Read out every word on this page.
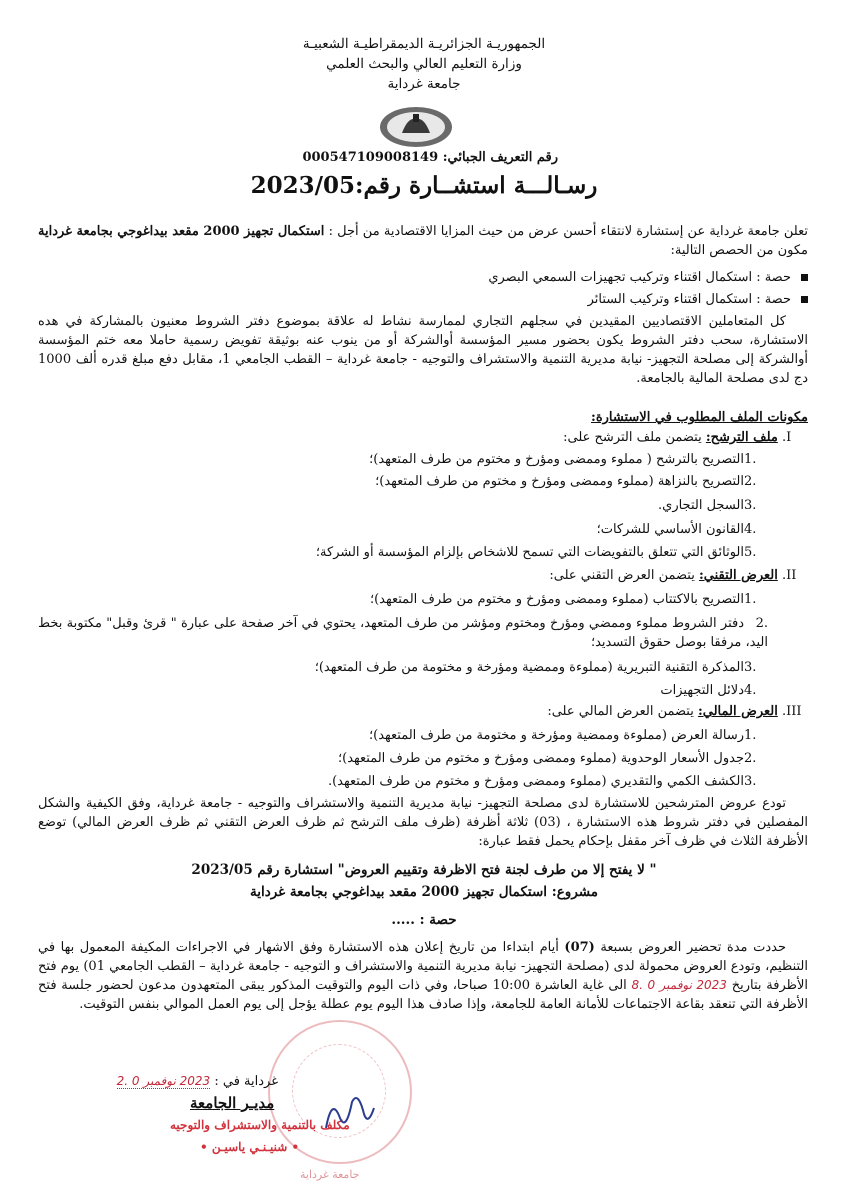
الجمهوريـة الجزائريـة الديمقراطيـة الشعبيـة
وزارة التعليم العالي والبحث العلمي
جامعة غرداية
رقم التعريف الجبائي: 000547109008149
رسـالـــة استشــارة رقم:2023/05
تعلن جامعة غرداية عن إستشارة لانتقاء أحسن عرض من حيث المزايا الاقتصادية من أجل : استكمال تجهيز 2000 مقعد بيداغوجي بجامعة غرداية مكون من الحصص التالية:
حصة : استكمال اقتناء وتركيب تجهيزات السمعي البصري
حصة : استكمال اقتناء وتركيب الستائر
كل المتعاملين الاقتصاديين المقيدين في سجلهم التجاري لممارسة نشاط له علاقة بموضوع دفتر الشروط معنيون بالمشاركة في هده الاستشارة، سحب دفتر الشروط يكون بحضور مسير المؤسسة أوالشركة أو من ينوب عنه بوثيقة تفويض رسمية حاملا معه ختم المؤسسة أوالشركة إلى مصلحة التجهيز- نيابة مديرية التنمية والاستشراف والتوجيه - جامعة غرداية – القطب الجامعي 1، مقابل دفع مبلغ قدره ألف 1000 دج لدى مصلحة المالية بالجامعة.
مكونات الملف المطلوب في الاستشارة:
I. ملف الترشح: يتضمن ملف الترشح على:
.1التصريح بالترشح ( مملوء وممضى ومؤرخ و مختوم من طرف المتعهد)؛
.2التصريح بالنزاهة (مملوء وممضى ومؤرخ و مختوم من طرف المتعهد)؛
.3السجل التجاري.
.4القانون الأساسي للشركات؛
.5الوثائق التي تتعلق بالتفويضات التي تسمح للاشخاص بإلزام المؤسسة أو الشركة؛
II. العرض التقني: يتضمن العرض التقني على:
.1التصريح بالاكتتاب (مملوء وممضى ومؤرخ و مختوم من طرف المتعهد)؛
.2دفتر الشروط مملوء وممضي ومؤرخ ومختوم ومؤشر من طرف المتعهد، يحتوي في آخر صفحة على عبارة " قرئ وقبل" مكتوبة بخط اليد، مرفقا بوصل حقوق التسديد؛
.3المذكرة التقنية التبريرية (مملوءة وممضية ومؤرخة و مختومة من طرف المتعهد)؛
.4دلائل التجهيزات
III. العرض المالي: يتضمن العرض المالي على:
.1رسالة العرض (مملوءة وممضية ومؤرخة و مختومة من طرف المتعهد)؛
.2جدول الأسعار الوحدوية (مملوء وممضى ومؤرخ و مختوم من طرف المتعهد)؛
.3الكشف الكمي والتقديري (مملوء وممضى ومؤرخ و مختوم من طرف المتعهد).
تودع عروض المترشحين للاستشارة لدى مصلحة التجهيز- نيابة مديرية التنمية والاستشراف والتوجيه - جامعة غرداية، وفق الكيفية والشكل المفصلين في دفتر شروط هذه الاستشارة ، (03) ثلاثة أظرفة (ظرف ملف الترشح ثم ظرف العرض التقني ثم ظرف العرض المالي) توضع الأظرفة الثلاث في ظرف آخر مقفل بإحكام يحمل فقط عبارة:
" لا يفتح إلا من طرف لجنة فتح الاظرفة وتقييم العروض" استشارة رقم 2023/05
مشروع: استكمال تجهيز 2000 مقعد بيداغوجي بجامعة غرداية
حصة : .....
حددت مدة تحضير العروض بسبعة (07) أيام ابتداءا من تاريخ إعلان هذه الاستشارة وفق الاشهار في الاجراءات المكيفة المعمول بها في التنظيم، وتودع العروض محمولة لدى (مصلحة التجهيز- نيابة مديرية التنمية والاستشراف و التوجيه - جامعة غرداية – القطب الجامعي 01) يوم فتح الأظرفة بتاريخ 2023 نوفمبر 0 .8 الى غاية العاشرة 10:00 صباحا، وفي ذات اليوم والتوقيت المذكور يبقى المتعهدون مدعون لحضور جلسة فتح الأظرفة التي تنعقد بقاعة الاجتماعات للأمانة العامة للجامعة، وإذا صادف هذا اليوم يوم عطلة يؤجل إلى يوم العمل الموالي بنفس التوقيت.
جامعة غرداية
غرداية في : 2023 نوفمبر 0 .2
مديـر الجامعة
مكلف بالتنمية والاستشراف والتوجيه
• شنيـنـي ياسيـن •
